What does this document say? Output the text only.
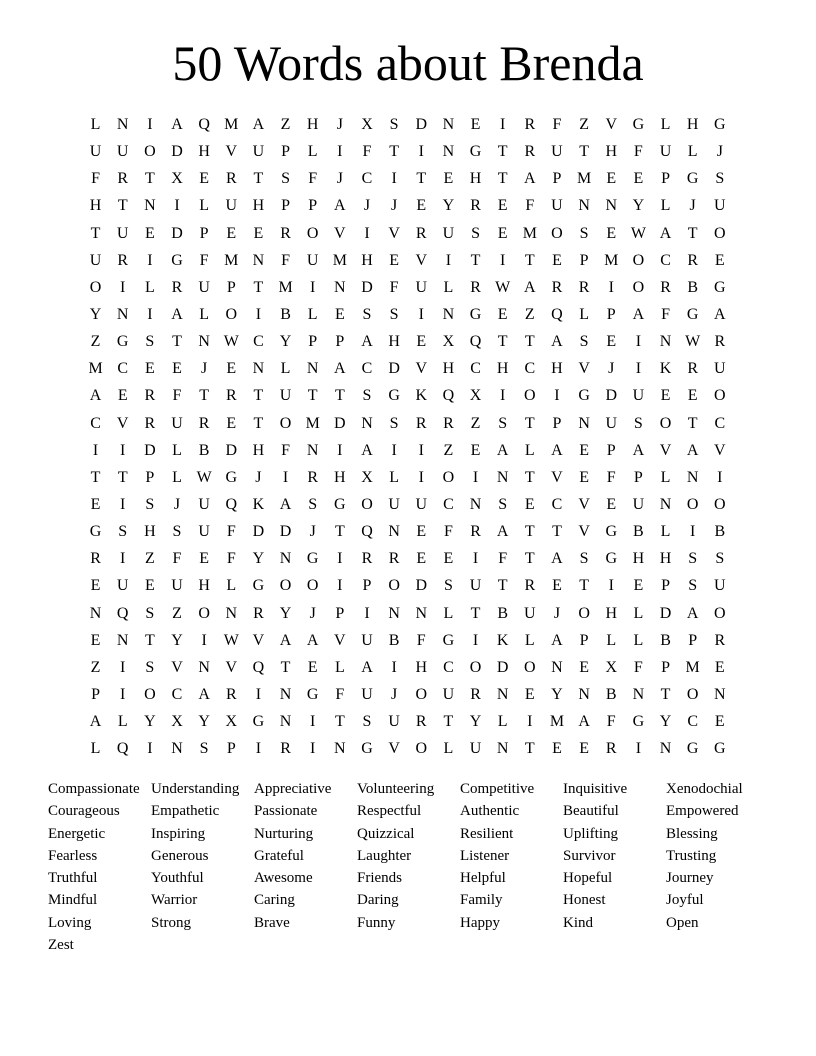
50 Words about Brenda
L	N	I	A Q M A	Z	H	J	X	S	D N	E	I	R	F	Z	V G	L	H G
U U O D H V U	P	L	I	F	T	I	N G	T	R	U	T	H	F	U	L	J
F	R	T	X	E	R	T	S	F	J	C	I	T	E	H	T	A	P M E	E	P	G	S
H	T	N	I	L	U H	P	P	A	J	J	E	Y	R	E	F	U N N Y	L	J	U
T	U	E	D	P	E	E	R	O V	I	V	R	U	S	E M O	S	E W A	T	O
U	R	I	G	F M N	F	U M H	E	V	I	T	I	T	E	P M O	C	R	E
O	I	L	R	U	P	T M	I	N D	F	U	L	R W A	R	R	I	O	R	B	G
Y N	I	A	L	O	I	B	L	E	S	S	I	N G	E	Z	Q	L	P	A	F	G A
Z	G	S	T	N W C	Y	P	P	A H	E	X Q	T	T	A	S	E	I	N W R
M C	E	E	J	E	N	L	N A	C	D V H	C	H	C	H V	J	I	K	R	U
A	E	R	F	T	R	T	U	T	T	S	G K Q X	I	O	I	G D U	E	E	O
C	V	R	U	R	E	T	O M D N	S	R	R	Z	S	T	P	N U	S	O	T	C
I	I	D	L	B	D H	F	N	I	A	I	I	Z	E	A	L	A	E	P	A V A V
T	T	P	L W G	J	I	R	H X	L	I	O	I	N	T	V	E	F	P	L	N	I
E	I	S	J	U Q K A	S	G O U U	C	N	S	E	C	V	E	U N O O
G	S	H	S	U	F	D D	J	T	Q N	E	F	R	A	T	T	V G	B	L	I	B
R	I	Z	F	E	F	Y N G	I	R	R	E	E	I	F	T	A	S	G H H	S	S
E	U	E	U H	L	G O O	I	P	O D	S	U	T	R	E	T	I	E	P	S	U
N Q	S	Z	O N	R	Y	J	P	I	N N	L	T	B	U	J	O H	L	D A O
E	N	T	Y	I	W V A A V U	B	F	G	I	K	L	A	P	L	L	B	P	R
Z	I	S	V N V Q	T	E	L	A	I	H	C	O D O N	E	X	F	P M E
P	I	O	C	A	R	I	N G	F	U	J	O U	R	N	E	Y N	B	N	T	O N
A	L	Y X Y X G N	I	T	S	U	R	T	Y	L	I	M A	F	G Y	C	E
L	Q	I	N	S	P	I	R	I	N G V O	L	U N	T	E	E	R	I	N G G
Compassionate Understanding Appreciative	Volunteering	Competitive	Inquisitive	Xenodochial
Courageous	Empathetic	Passionate	Respectful	Authentic	Beautiful	Empowered
Energetic	Inspiring	Nurturing	Quizzical	Resilient	Uplifting	Blessing
Fearless	Generous	Grateful	Laughter	Listener	Survivor	Trusting
Truthful	Youthful	Awesome	Friends	Helpful	Hopeful	Journey
Mindful	Warrior	Caring	Daring	Family	Honest	Joyful
Loving	Strong	Brave	Funny	Happy	Kind	Open
Zest
